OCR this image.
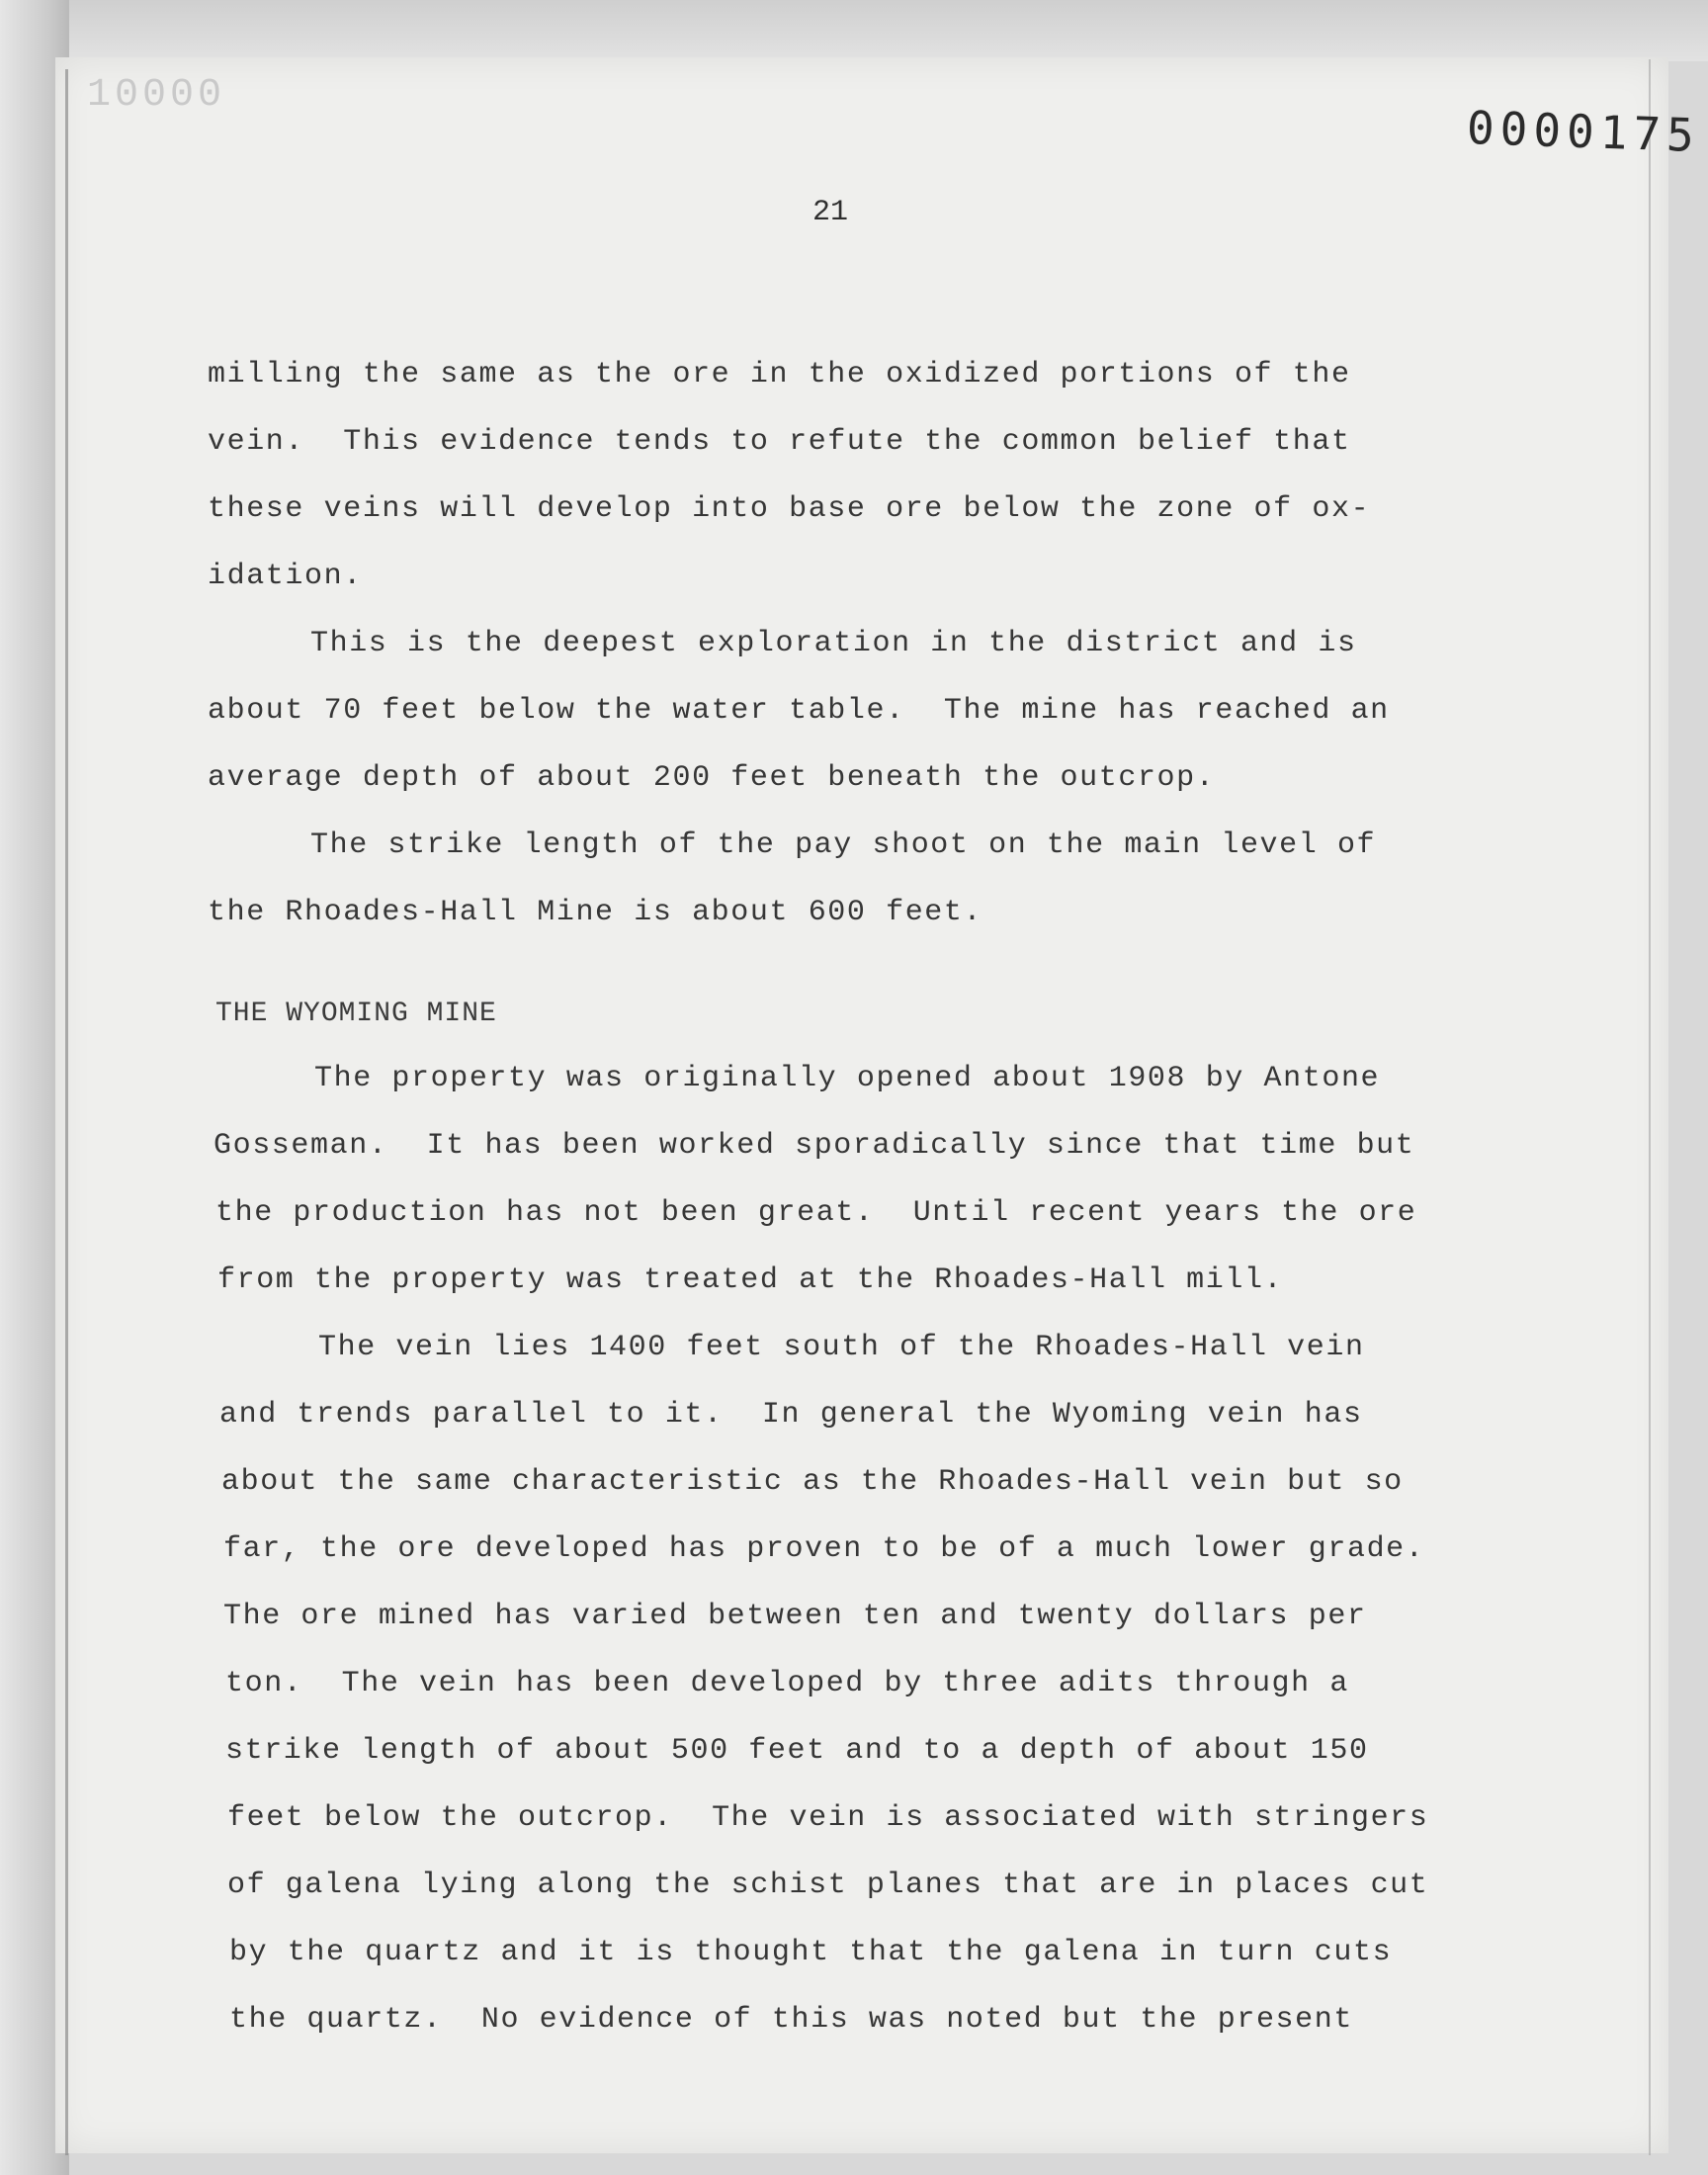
10000
0000175
21
milling the same as the ore in the oxidized portions of the
vein.  This evidence tends to refute the common belief that
these veins will develop into base ore below the zone of ox-
idation.
This is the deepest exploration in the district and is
about 70 feet below the water table.  The mine has reached an
average depth of about 200 feet beneath the outcrop.
The strike length of the pay shoot on the main level of
the Rhoades-Hall Mine is about 600 feet.
THE WYOMING MINE
The property was originally opened about 1908 by Antone
Gosseman.  It has been worked sporadically since that time but
the production has not been great.  Until recent years the ore
from the property was treated at the Rhoades-Hall mill.
The vein lies 1400 feet south of the Rhoades-Hall vein
and trends parallel to it.  In general the Wyoming vein has
about the same characteristic as the Rhoades-Hall vein but so
far, the ore developed has proven to be of a much lower grade.
The ore mined has varied between ten and twenty dollars per
ton.  The vein has been developed by three adits through a
strike length of about 500 feet and to a depth of about 150
feet below the outcrop.  The vein is associated with stringers
of galena lying along the schist planes that are in places cut
by the quartz and it is thought that the galena in turn cuts
the quartz.  No evidence of this was noted but the present
